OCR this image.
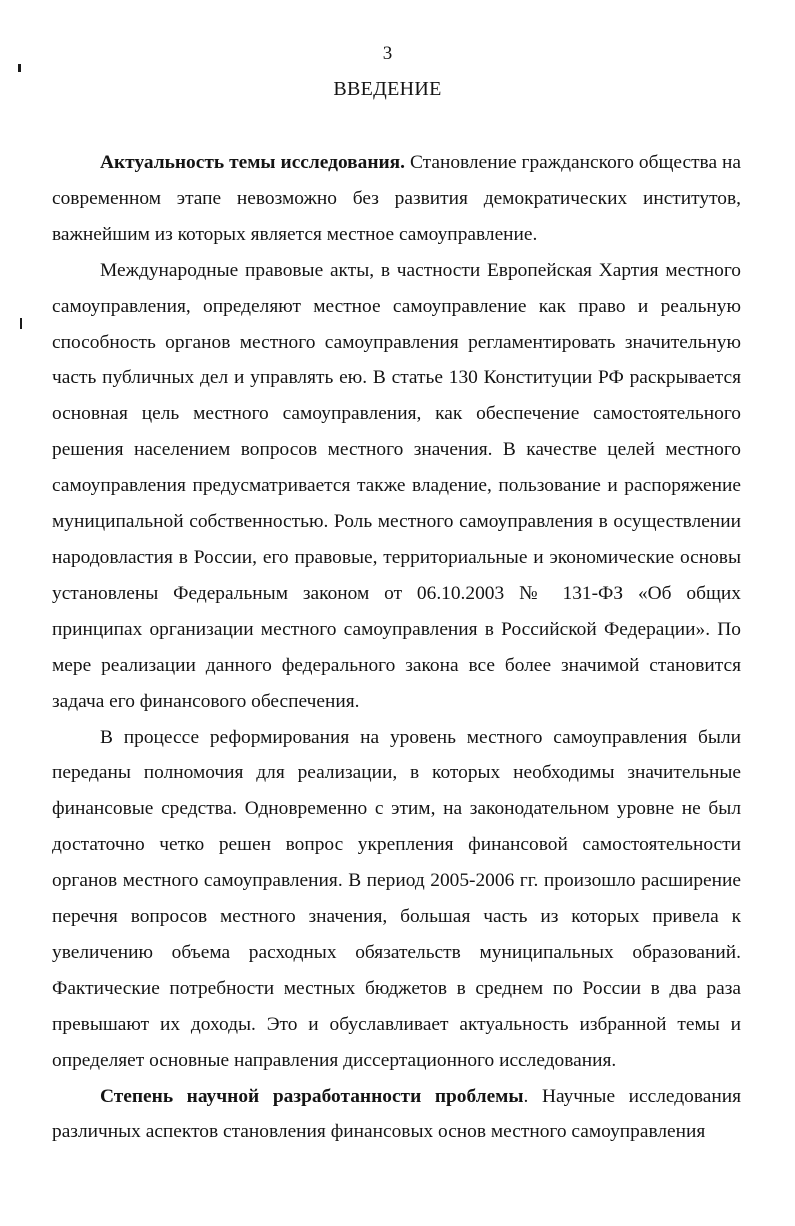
3
ВВЕДЕНИЕ

Актуальность темы исследования. Становление гражданского общества на современном этапе невозможно без развития демократических институтов, важнейшим из которых является местное самоуправление.

Международные правовые акты, в частности Европейская Хартия местного самоуправления, определяют местное самоуправление как право и реальную способность органов местного самоуправления регламентировать значительную часть публичных дел и управлять ею. В статье 130 Конституции РФ раскрывается основная цель местного самоуправления, как обеспечение самостоятельного решения населением вопросов местного значения. В качестве целей местного самоуправления предусматривается также владение, пользование и распоряжение муниципальной собственностью. Роль местного самоуправления в осуществлении народовластия в России, его правовые, территориальные и экономические основы установлены Федеральным законом от 06.10.2003 № 131-ФЗ «Об общих принципах организации местного самоуправления в Российской Федерации». По мере реализации данного федерального закона все более значимой становится задача его финансового обеспечения.

В процессе реформирования на уровень местного самоуправления были переданы полномочия для реализации, в которых необходимы значительные финансовые средства. Одновременно с этим, на законодательном уровне не был достаточно четко решен вопрос укрепления финансовой самостоятельности органов местного самоуправления. В период 2005-2006 гг. произошло расширение перечня вопросов местного значения, большая часть из которых привела к увеличению объема расходных обязательств муниципальных образований. Фактические потребности местных бюджетов в среднем по России в два раза превышают их доходы. Это и обуславливает актуальность избранной темы и определяет основные направления диссертационного исследования.

Степень научной разработанности проблемы. Научные исследования различных аспектов становления финансовых основ местного самоуправления
